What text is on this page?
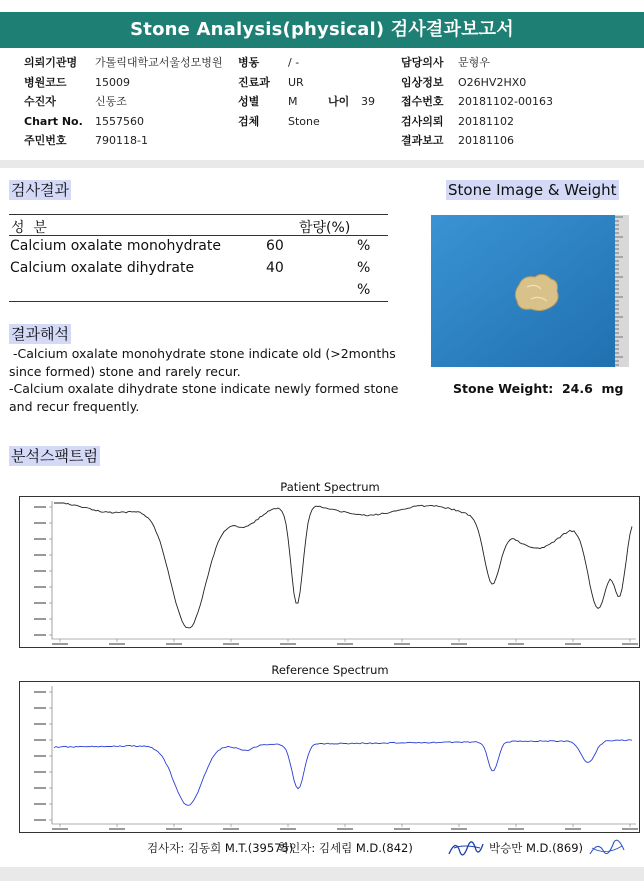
Stone Analysis(physical) 검사결과보고서
의뢰기관명	가톨릭대학교서울성모병원
병원코드	15009
수진자	신동조
Chart No.	1557560
주민번호	790118-1
병동	/ -
진료과	UR
성별	M	나이	39
검체	Stone
담당의사	문형우
임상정보	O26HV2HX0
접수번호	20181102-00163
검사의뢰	20181102
결과보고	20181106
검사결과	Stone Image & Weight
성  분	함량(%)
Calcium oxalate monohydrate	60	%
Calcium oxalate dihydrate	40	%
%
Stone Weight: 24.6 mg
결과해석
-Calcium oxalate monohydrate stone indicate old (>2months since formed) stone and rarely recur.
-Calcium oxalate dihydrate stone indicate newly formed stone and recur frequently.
분석스팩트럼
Patient Spectrum
Reference Spectrum
검사자: 김동희 M.T.(39575)
확인자: 김세림 M.D.(842)	박승만 M.D.(869)
